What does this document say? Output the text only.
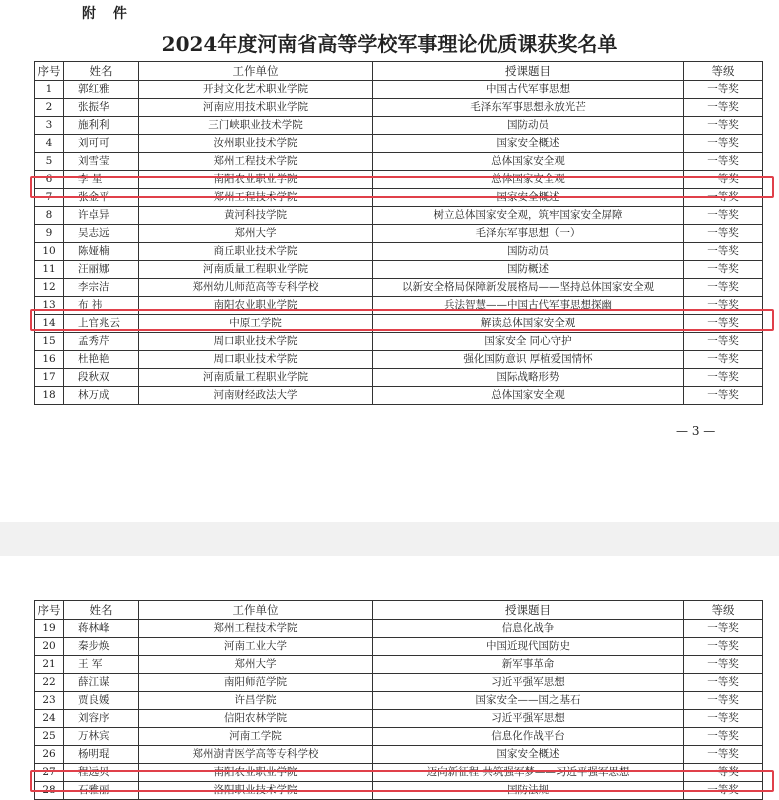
附 件
2024年度河南省高等学校军事理论优质课获奖名单
序号	姓名	工作单位	授课题目	等级
1	郭红雅	开封文化艺术职业学院	中国古代军事思想	一等奖
2	张振华	河南应用技术职业学院	毛泽东军事思想永放光芒	一等奖
3	施利利	三门峡职业技术学院	国防动员	一等奖
4	刘可可	汝州职业技术学院	国家安全概述	一等奖
5	刘雪莹	郑州工程技术学院	总体国家安全观	一等奖
6	李 星	南阳农业职业学院	总体国家安全观	一等奖
7	张金平	郑州工程技术学院	国家安全概述	一等奖
8	许卓异	黄河科技学院	树立总体国家安全观，筑牢国家安全屏障	一等奖
9	吴志远	郑州大学	毛泽东军事思想（一）	一等奖
10	陈娅楠	商丘职业技术学院	国防动员	一等奖
11	汪丽娜	河南质量工程职业学院	国防概述	一等奖
12	李宗洁	郑州幼儿师范高等专科学校	以新安全格局保障新发展格局——坚持总体国家安全观	一等奖
13	布 祎	南阳农业职业学院	兵法智慧——中国古代军事思想探幽	一等奖
14	上官兆云	中原工学院	解读总体国家安全观	一等奖
15	孟秀芹	周口职业技术学院	国家安全 同心守护	一等奖
16	杜艳艳	周口职业技术学院	强化国防意识 厚植爱国情怀	一等奖
17	段秋双	河南质量工程职业学院	国际战略形势	一等奖
18	林万成	河南财经政法大学	总体国家安全观	一等奖
— 3 —
序号	姓名	工作单位	授课题目	等级
19	蒋林峰	郑州工程技术学院	信息化战争	一等奖
20	秦步焕	河南工业大学	中国近现代国防史	一等奖
21	王 军	郑州大学	新军事革命	一等奖
22	薛江谋	南阳师范学院	习近平强军思想	一等奖
23	贾良媛	许昌学院	国家安全——国之基石	一等奖
24	刘容序	信阳农林学院	习近平强军思想	一等奖
25	万林宾	河南工学院	信息化作战平台	一等奖
26	杨明琨	郑州澍青医学高等专科学校	国家安全概述	一等奖
27	程远贝	南阳农业职业学院	迈向新征程 共筑强军梦——习近平强军思想	一等奖
28	石雅丽	洛阳职业技术学院	国防法规	一等奖
